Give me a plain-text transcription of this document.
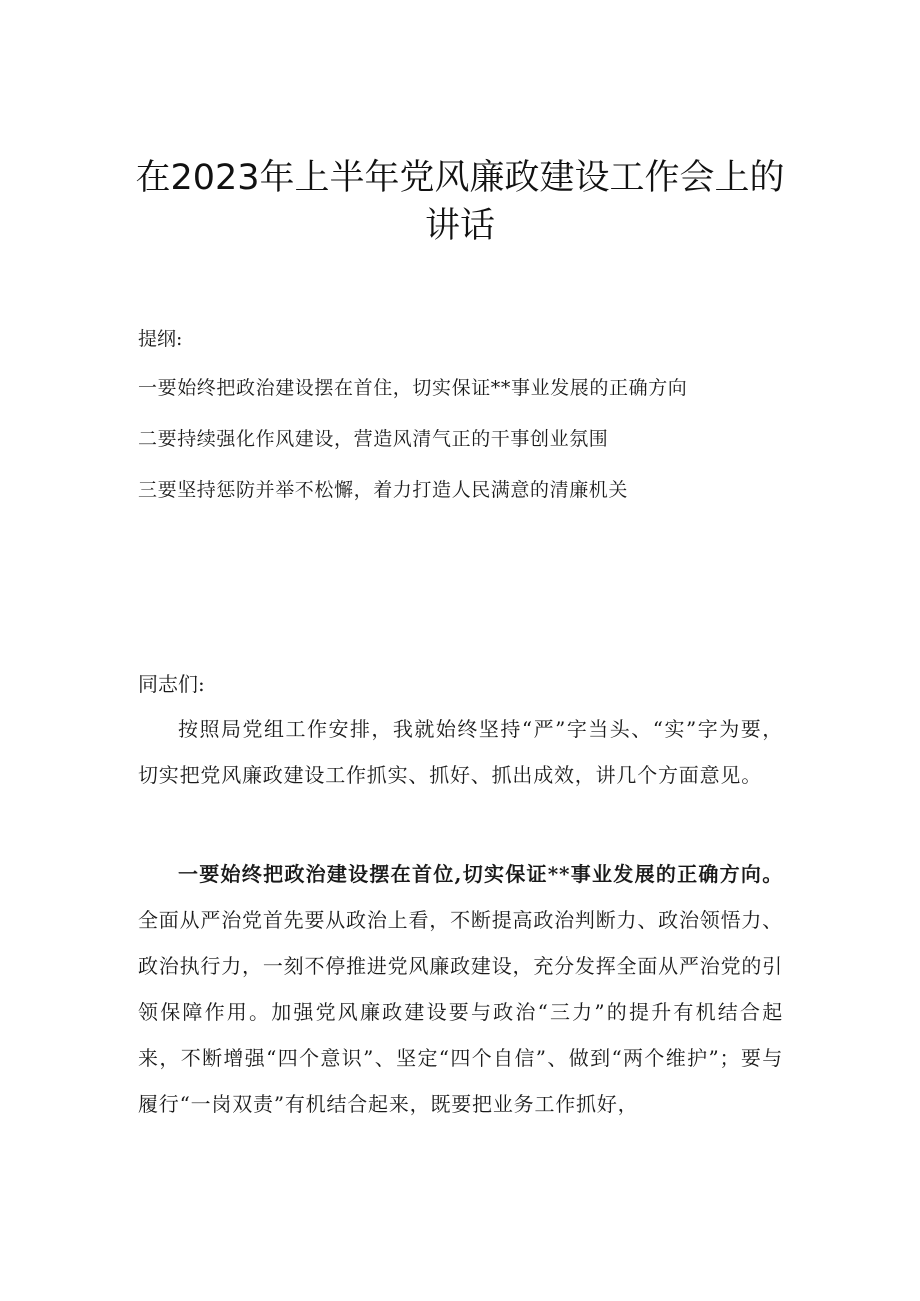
在2023年上半年党风廉政建设工作会上的
讲话
提纲:
一要始终把政治建设摆在首住，切实保证**事业发展的正确方向
二要持续强化作风建设，营造风清气正的干事创业氛围
三要坚持惩防并举不松懈，着力打造人民满意的清廉机关
同志们:

按照局党组工作安排，我就始终坚持“严”字当头、“实”字为要，切实把党风廉政建设工作抓实、抓好、抓出成效，讲几个方面意见。

一要始终把政治建设摆在首位,切实保证**事业发展的正确方向。全面从严治党首先要从政治上看，不断提高政治判断力、政治领悟力、政治执行力，一刻不停推进党风廉政建设，充分发挥全面从严治党的引领保障作用。加强党风廉政建设要与政治“三力”的提升有机结合起来，不断增强“四个意识”、坚定“四个自信”、做到“两个维护”；要与履行“一岗双责”有机结合起来，既要把业务工作抓好，
